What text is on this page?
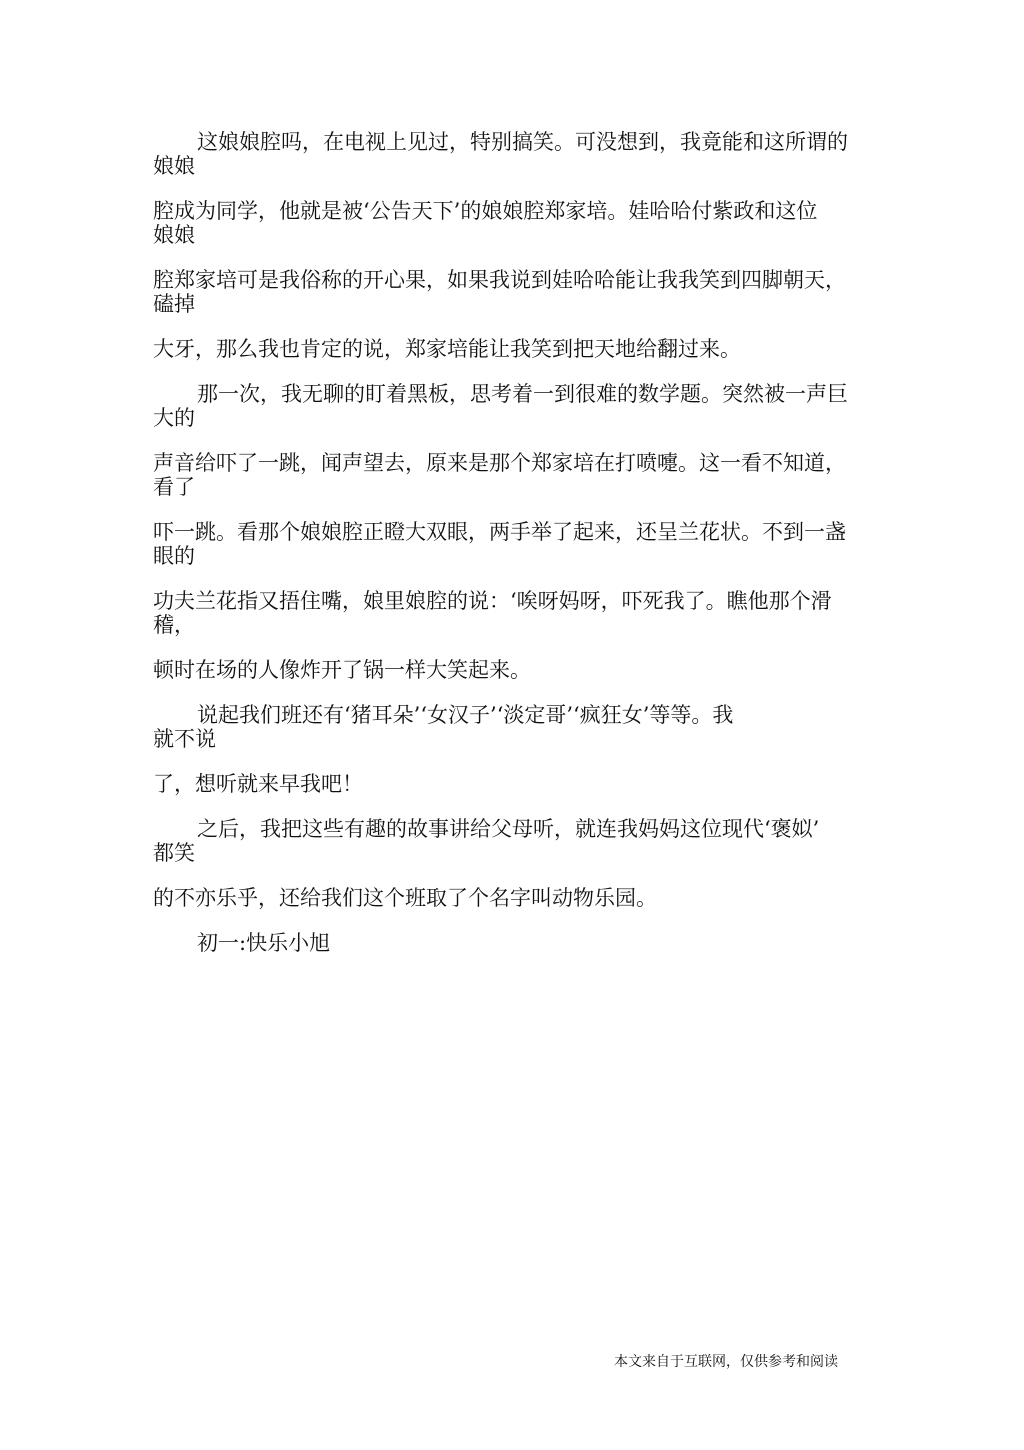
这娘娘腔吗，在电视上见过，特别搞笑。可没想到，我竟能和这所谓的
娘娘
腔成为同学，他就是被‘公告天下’的娘娘腔郑家培。娃哈哈付紫政和这位
娘娘
腔郑家培可是我俗称的开心果，如果我说到娃哈哈能让我我笑到四脚朝天，
磕掉
大牙，那么我也肯定的说，郑家培能让我笑到把天地给翻过来。
那一次，我无聊的盯着黑板，思考着一到很难的数学题。突然被一声巨
大的
声音给吓了一跳，闻声望去，原来是那个郑家培在打喷嚏。这一看不知道，
看了
吓一跳。看那个娘娘腔正瞪大双眼，两手举了起来，还呈兰花状。不到一盏
眼的
功夫兰花指又捂住嘴，娘里娘腔的说：‘唉呀妈呀，吓死我了。瞧他那个滑
稽，
顿时在场的人像炸开了锅一样大笑起来。
说起我们班还有‘猪耳朵’‘女汉子’‘淡定哥’‘疯狂女’等等。我
就不说
了，想听就来早我吧！
之后，我把这些有趣的故事讲给父母听，就连我妈妈这位现代‘褒姒’
都笑
的不亦乐乎，还给我们这个班取了个名字叫动物乐园。
初一:快乐小旭
本文来自于互联网，仅供参考和阅读
